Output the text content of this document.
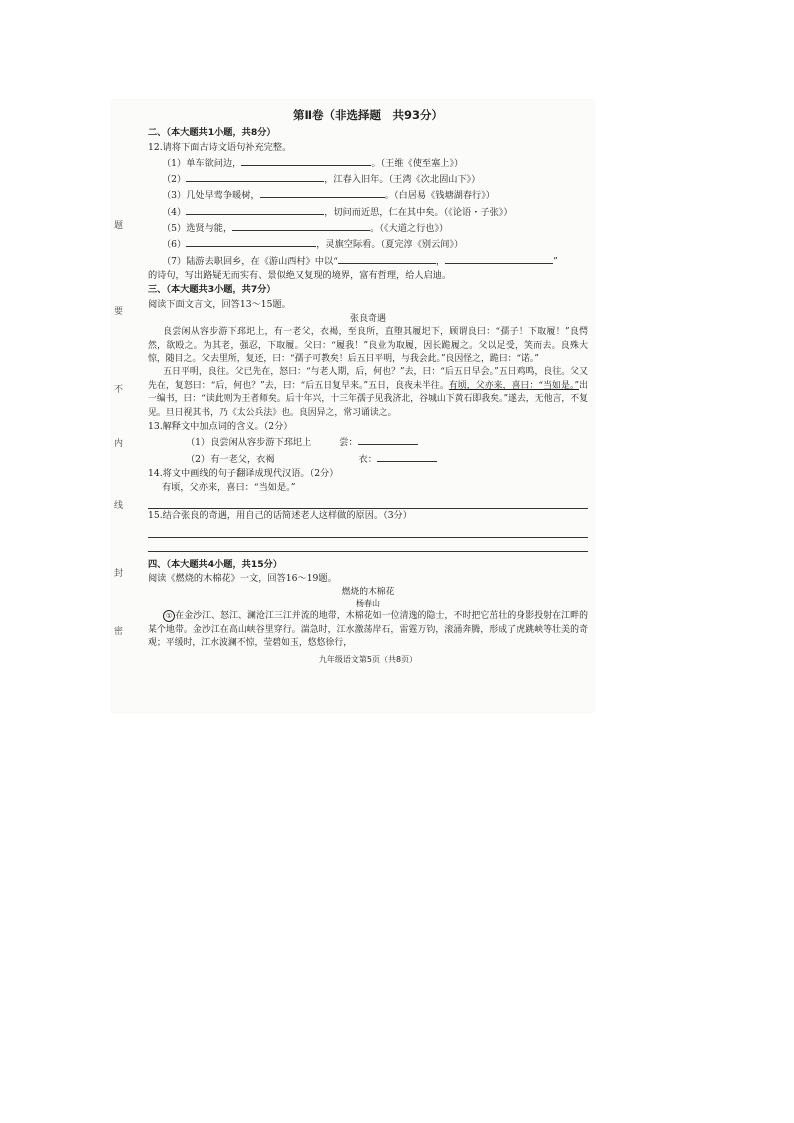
题
要
不
内
线
封
密
第Ⅱ卷（非选择题　共93分）
二、（本大题共1小题，共8分）
12.请将下面古诗文语句补充完整。
（1）单车欲问边，	。（王维《使至塞上》）
（2）	，江春入旧年。（王湾《次北固山下》）
（3）几处早莺争暖树，	。（白居易《钱塘湖春行》）
（4）	，切问而近思，仁在其中矣。（《论语・子张》）
（5）选贤与能，	。（《大道之行也》）
（6）	，灵旗空际看。（夏完淳《别云间》）
（7）陆游去职回乡，在《游山西村》中以“	，	”
的诗句，写出路疑无而实有、景似绝又复现的境界，富有哲理，给人启迪。
三、（本大题共3小题，共7分）
阅读下面文言文，回答13～15题。
张良奇遇

良尝闲从容步游下邳圯上，有一老父，衣褐，至良所，直堕其履圯下，顾谓良曰：“孺子！下取履！”良愕然，欲殴之。为其老，强忍，下取履。父曰：“履我！”良业为取履，因长跪履之。父以足受，笑而去。良殊大惊，随目之。父去里所，复还，曰：“孺子可教矣！后五日平明，与我会此。”良因怪之，跪曰：“诺。”

五日平明，良往。父已先在，怒曰：“与老人期，后，何也？”去，曰：“后五日早会。”五日鸡鸣，良往。父又先在，复怒曰：“后，何也？”去，曰：“后五日复早来。”五日，良夜未半往。有顷，父亦来，喜曰：“当如是。”出一编书，曰：“读此则为王者师矣。后十年兴，十三年孺子见我济北，谷城山下黄石即我矣。”遂去，无他言，不复见。旦日视其书，乃《太公兵法》也。良因异之，常习诵读之。

13.解释文中加点词的含义。（2分）
（1）良尝闲从容步游下邳圯上	尝：
（2）有一老父，衣褐	衣：
14.将文中画线的句子翻译成现代汉语。（2分）
有顷，父亦来，喜曰：“当如是。”
15.结合张良的奇遇，用自己的话简述老人这样做的原因。（3分）
四、（本大题共4小题，共15分）
阅读《燃烧的木棉花》一文，回答16～19题。
燃烧的木棉花
杨春山

① 在金沙江、怒江、澜沧江三江并流的地带，木棉花如一位清逸的隐士，不时把它茁壮的身影投射在江畔的某个地带。金沙江在高山峡谷里穿行。湍急时，江水激荡岸石，雷霆万钧，滚涌奔腾，形成了虎跳峡等壮美的奇观；平缓时，江水波澜不惊，莹碧如玉，悠悠徐行，

九年级语文第5页（共8页）
